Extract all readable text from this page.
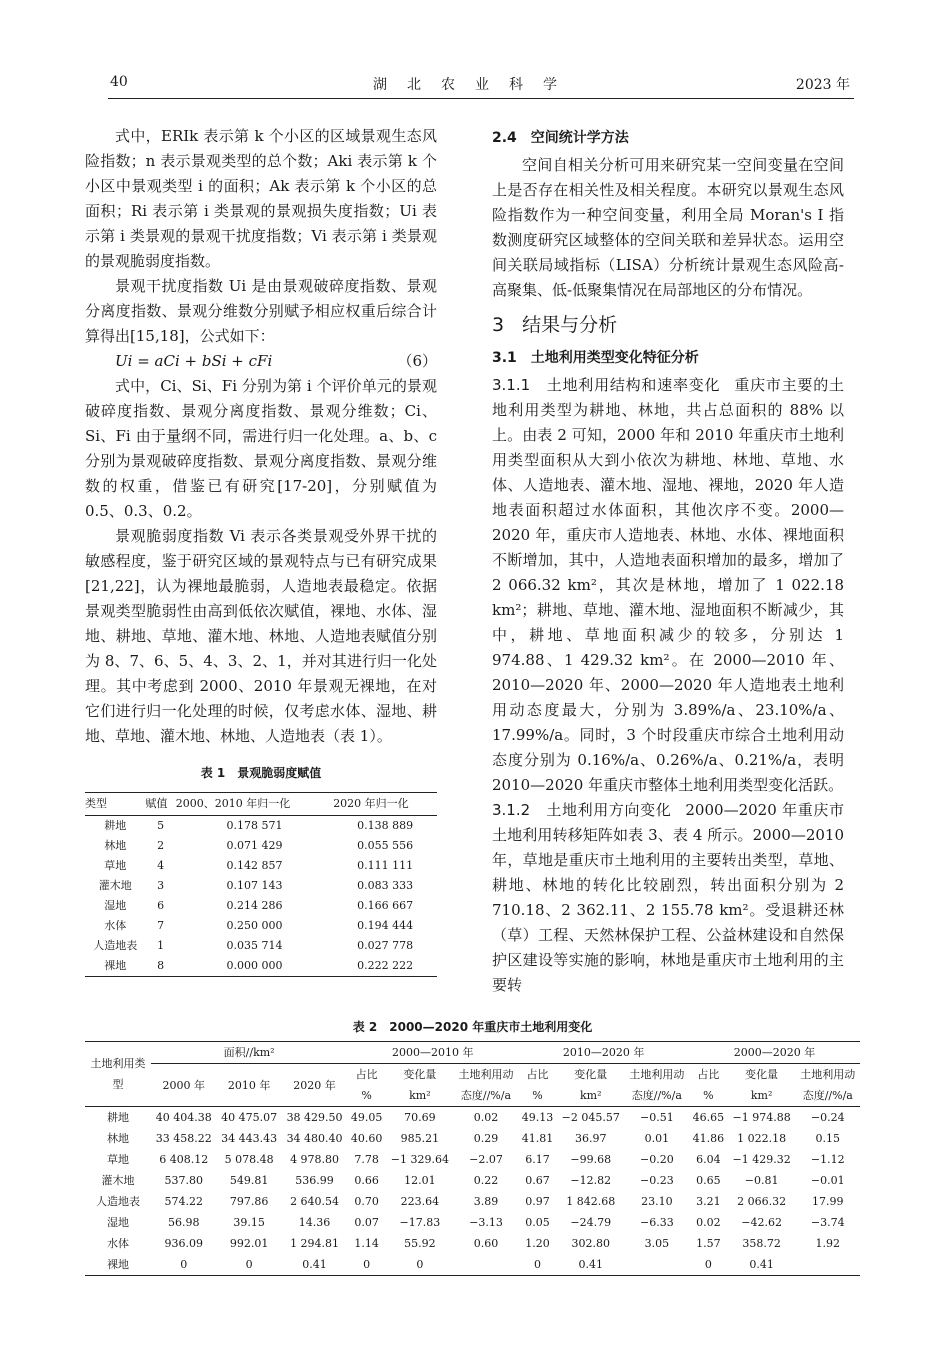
40	湖北农业科学	2023 年

式中，ERIk 表示第 k 个小区的区域景观生态风险指数；n 表示景观类型的总个数；Aki 表示第 k 个小区中景观类型 i 的面积；Ak 表示第 k 个小区的总面积；Ri 表示第 i 类景观的景观损失度指数；Ui 表示第 i 类景观的景观干扰度指数；Vi 表示第 i 类景观的景观脆弱度指数。

景观干扰度指数 Ui 是由景观破碎度指数、景观分离度指数、景观分维数分别赋予相应权重后综合计算得出[15,18]，公式如下：

Ui = aCi + bSi + cFi	（6）

式中，Ci、Si、Fi 分别为第 i 个评价单元的景观破碎度指数、景观分离度指数、景观分维数；Ci、Si、Fi 由于量纲不同，需进行归一化处理。a、b、c 分别为景观破碎度指数、景观分离度指数、景观分维数的权重，借鉴已有研究[17-20]，分别赋值为 0.5、0.3、0.2。

景观脆弱度指数 Vi 表示各类景观受外界干扰的敏感程度，鉴于研究区域的景观特点与已有研究成果[21,22]，认为裸地最脆弱，人造地表最稳定。依据景观类型脆弱性由高到低依次赋值，裸地、水体、湿地、耕地、草地、灌木地、林地、人造地表赋值分别为 8、7、6、5、4、3、2、1，并对其进行归一化处理。其中考虑到 2000、2010 年景观无裸地，在对它们进行归一化处理的时候，仅考虑水体、湿地、耕地、草地、灌木地、林地、人造地表（表 1）。

表 1　景观脆弱度赋值
类型	赋值	2000、2010 年归一化	2020 年归一化
耕地	5	0.178 571	0.138 889
林地	2	0.071 429	0.055 556
草地	4	0.142 857	0.111 111
灌木地	3	0.107 143	0.083 333
湿地	6	0.214 286	0.166 667
水体	7	0.250 000	0.194 444
人造地表	1	0.035 714	0.027 778
裸地	8	0.000 000	0.222 222
2.4　空间统计学方法

空间自相关分析可用来研究某一空间变量在空间上是否存在相关性及相关程度。本研究以景观生态风险指数作为一种空间变量，利用全局 Moran's I 指数测度研究区域整体的空间关联和差异状态。运用空间关联局域指标（LISA）分析统计景观生态风险高-高聚集、低-低聚集情况在局部地区的分布情况。

3 结果与分析
3.1　土地利用类型变化特征分析

3.1.1　土地利用结构和速率变化 重庆市主要的土地利用类型为耕地、林地，共占总面积的 88% 以上。由表 2 可知，2000 年和 2010 年重庆市土地利用类型面积从大到小依次为耕地、林地、草地、水体、人造地表、灌木地、湿地、裸地，2020 年人造地表面积超过水体面积，其他次序不变。2000—2020 年，重庆市人造地表、林地、水体、裸地面积不断增加，其中，人造地表面积增加的最多，增加了 2 066.32 km²，其次是林地，增加了 1 022.18 km²；耕地、草地、灌木地、湿地面积不断减少，其中，耕地、草地面积减少的较多，分别达 1 974.88、1 429.32 km²。在 2000—2010 年、2010—2020 年、2000—2020 年人造地表土地利用动态度最大，分别为 3.89%/a、23.10%/a、17.99%/a。同时，3 个时段重庆市综合土地利用动态度分别为 0.16%/a、0.26%/a、0.21%/a，表明 2010—2020 年重庆市整体土地利用类型变化活跃。

3.1.2　土地利用方向变化 2000—2020 年重庆市土地利用转移矩阵如表 3、表 4 所示。2000—2010 年，草地是重庆市土地利用的主要转出类型，草地、耕地、林地的转化比较剧烈，转出面积分别为 2 710.18、2 362.11、2 155.78 km²。受退耕还林（草）工程、天然林保护工程、公益林建设和自然保护区建设等实施的影响，林地是重庆市土地利用的主要转

表 2　2000—2020 年重庆市土地利用变化
土地利用类型	面积//km²			2000—2010 年			2010—2020 年			2000—2020 年		
	2000 年	2010 年	2020 年	占比	变化量	土地利用动	占比	变化量	土地利用动	占比	变化量	土地利用动
				%	km²	态度//%/a	%	km²	态度//%/a	%	km²	态度//%/a
耕地	40 404.38	40 475.07	38 429.50	49.05	70.69	0.02	49.13	−2 045.57	−0.51	46.65	−1 974.88	−0.24
林地	33 458.22	34 443.43	34 480.40	40.60	985.21	0.29	41.81	36.97	0.01	41.86	1 022.18	0.15
草地	6 408.12	5 078.48	4 978.80	7.78	−1 329.64	−2.07	6.17	−99.68	−0.20	6.04	−1 429.32	−1.12
灌木地	537.80	549.81	536.99	0.66	12.01	0.22	0.67	−12.82	−0.23	0.65	−0.81	−0.01
人造地表	574.22	797.86	2 640.54	0.70	223.64	3.89	0.97	1 842.68	23.10	3.21	2 066.32	17.99
湿地	56.98	39.15	14.36	0.07	−17.83	−3.13	0.05	−24.79	−6.33	0.02	−42.62	−3.74
水体	936.09	992.01	1 294.81	1.14	55.92	0.60	1.20	302.80	3.05	1.57	358.72	1.92
裸地	0	0	0.41	0	0		0	0.41		0	0.41	
